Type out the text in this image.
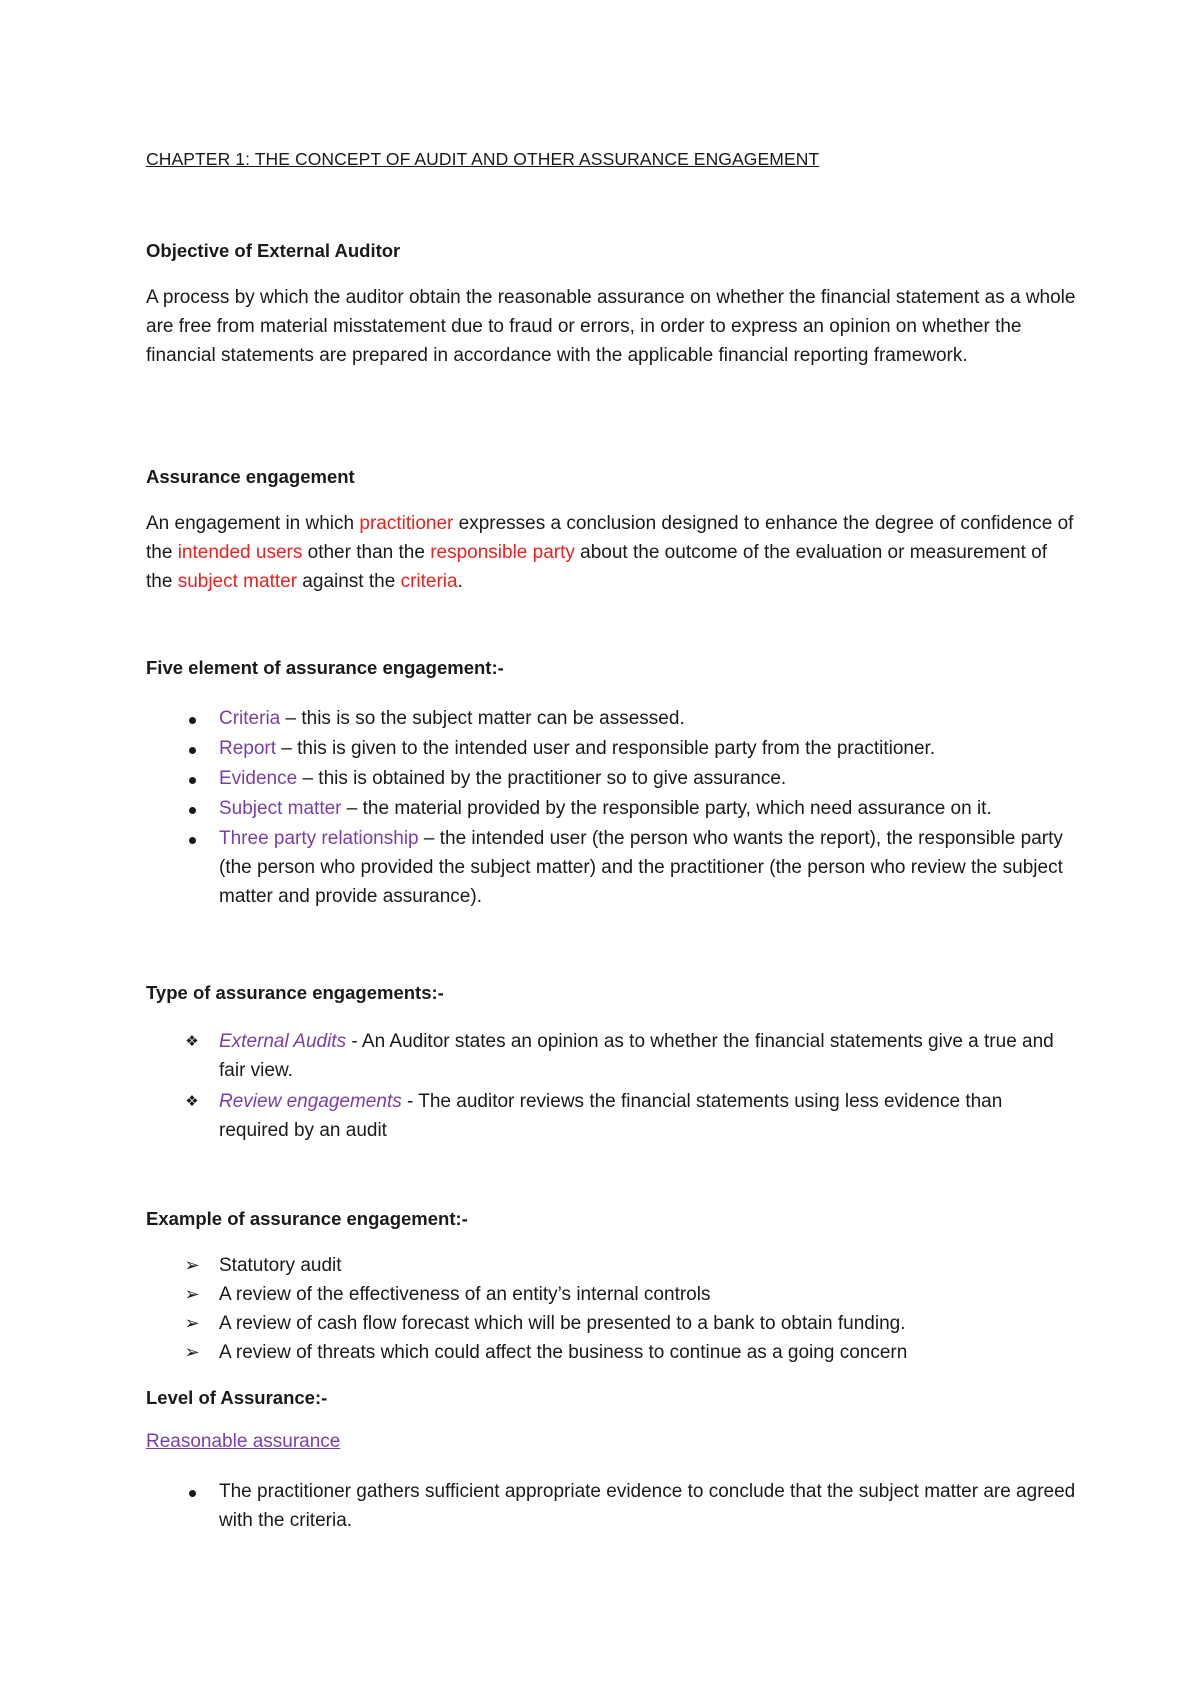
CHAPTER 1: THE CONCEPT OF AUDIT AND OTHER ASSURANCE ENGAGEMENT
Objective of External Auditor
A process by which the auditor obtain the reasonable assurance on whether the financial statement as a whole are free from material misstatement due to fraud or errors, in order to express an opinion on whether the financial statements are prepared in accordance with the applicable financial reporting framework.
Assurance engagement
An engagement in which practitioner expresses a conclusion designed to enhance the degree of confidence of the intended users other than the responsible party about the outcome of the evaluation or measurement of the subject matter against the criteria.
Five element of assurance engagement:-
Criteria – this is so the subject matter can be assessed.
Report – this is given to the intended user and responsible party from the practitioner.
Evidence – this is obtained by the practitioner so to give assurance.
Subject matter – the material provided by the responsible party, which need assurance on it.
Three party relationship – the intended user (the person who wants the report), the responsible party (the person who provided the subject matter) and the practitioner (the person who review the subject matter and provide assurance).
Type of assurance engagements:-
❖ External Audits - An Auditor states an opinion as to whether the financial statements give a true and fair view.
❖ Review engagements - The auditor reviews the financial statements using less evidence than required by an audit
Example of assurance engagement:-
➢ Statutory audit
➢ A review of the effectiveness of an entity’s internal controls
➢ A review of cash flow forecast which will be presented to a bank to obtain funding.
➢ A review of threats which could affect the business to continue as a going concern
Level of Assurance:-
Reasonable assurance
The practitioner gathers sufficient appropriate evidence to conclude that the subject matter are agreed with the criteria.
